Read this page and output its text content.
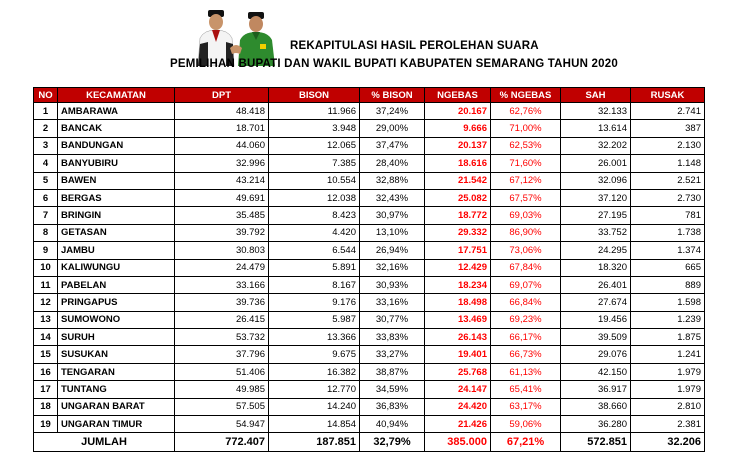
REKAPITULASI HASIL PEROLEHAN SUARA
PEMILIHAN BUPATI DAN WAKIL BUPATI KABUPATEN SEMARANG TAHUN 2020
NO	KECAMATAN	DPT	BISON	% BISON	NGEBAS	% NGEBAS	SAH	RUSAK
1	AMBARAWA	48.418	11.966	37,24%	20.167	62,76%	32.133	2.741
2	BANCAK	18.701	3.948	29,00%	9.666	71,00%	13.614	387
3	BANDUNGAN	44.060	12.065	37,47%	20.137	62,53%	32.202	2.130
4	BANYUBIRU	32.996	7.385	28,40%	18.616	71,60%	26.001	1.148
5	BAWEN	43.214	10.554	32,88%	21.542	67,12%	32.096	2.521
6	BERGAS	49.691	12.038	32,43%	25.082	67,57%	37.120	2.730
7	BRINGIN	35.485	8.423	30,97%	18.772	69,03%	27.195	781
8	GETASAN	39.792	4.420	13,10%	29.332	86,90%	33.752	1.738
9	JAMBU	30.803	6.544	26,94%	17.751	73,06%	24.295	1.374
10	KALIWUNGU	24.479	5.891	32,16%	12.429	67,84%	18.320	665
11	PABELAN	33.166	8.167	30,93%	18.234	69,07%	26.401	889
12	PRINGAPUS	39.736	9.176	33,16%	18.498	66,84%	27.674	1.598
13	SUMOWONO	26.415	5.987	30,77%	13.469	69,23%	19.456	1.239
14	SURUH	53.732	13.366	33,83%	26.143	66,17%	39.509	1.875
15	SUSUKAN	37.796	9.675	33,27%	19.401	66,73%	29.076	1.241
16	TENGARAN	51.406	16.382	38,87%	25.768	61,13%	42.150	1.979
17	TUNTANG	49.985	12.770	34,59%	24.147	65,41%	36.917	1.979
18	UNGARAN BARAT	57.505	14.240	36,83%	24.420	63,17%	38.660	2.810
19	UNGARAN TIMUR	54.947	14.854	40,94%	21.426	59,06%	36.280	2.381
JUMLAH		772.407	187.851	32,79%	385.000	67,21%	572.851	32.206
